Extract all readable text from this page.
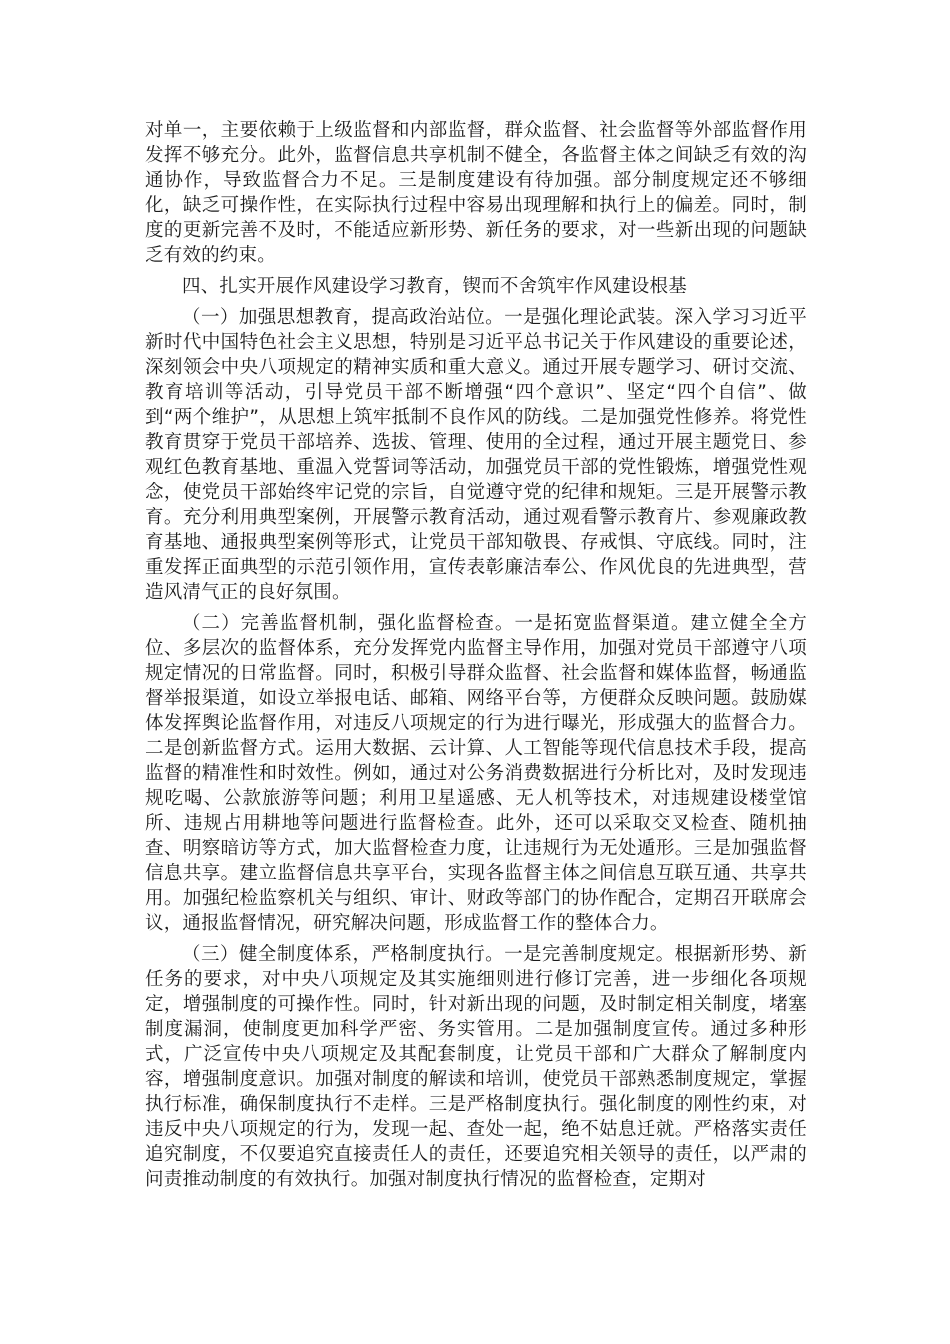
对单一，主要依赖于上级监督和内部监督，群众监督、社会监督等外部监督作用发挥不够充分。此外，监督信息共享机制不健全，各监督主体之间缺乏有效的沟通协作，导致监督合力不足。三是制度建设有待加强。部分制度规定还不够细化，缺乏可操作性，在实际执行过程中容易出现理解和执行上的偏差。同时，制度的更新完善不及时，不能适应新形势、新任务的要求，对一些新出现的问题缺乏有效的约束。

四、扎实开展作风建设学习教育，锲而不舍筑牢作风建设根基

（一）加强思想教育，提高政治站位。一是强化理论武装。深入学习习近平新时代中国特色社会主义思想，特别是习近平总书记关于作风建设的重要论述，深刻领会中央八项规定的精神实质和重大意义。通过开展专题学习、研讨交流、教育培训等活动，引导党员干部不断增强“四个意识”、坚定“四个自信”、做到“两个维护”，从思想上筑牢抵制不良作风的防线。二是加强党性修养。将党性教育贯穿于党员干部培养、选拔、管理、使用的全过程，通过开展主题党日、参观红色教育基地、重温入党誓词等活动，加强党员干部的党性锻炼，增强党性观念，使党员干部始终牢记党的宗旨，自觉遵守党的纪律和规矩。三是开展警示教育。充分利用典型案例，开展警示教育活动，通过观看警示教育片、参观廉政教育基地、通报典型案例等形式，让党员干部知敬畏、存戒惧、守底线。同时，注重发挥正面典型的示范引领作用，宣传表彰廉洁奉公、作风优良的先进典型，营造风清气正的良好氛围。

（二）完善监督机制，强化监督检查。一是拓宽监督渠道。建立健全全方位、多层次的监督体系，充分发挥党内监督主导作用，加强对党员干部遵守八项规定情况的日常监督。同时，积极引导群众监督、社会监督和媒体监督，畅通监督举报渠道，如设立举报电话、邮箱、网络平台等，方便群众反映问题。鼓励媒体发挥舆论监督作用，对违反八项规定的行为进行曝光，形成强大的监督合力。二是创新监督方式。运用大数据、云计算、人工智能等现代信息技术手段，提高监督的精准性和时效性。例如，通过对公务消费数据进行分析比对，及时发现违规吃喝、公款旅游等问题；利用卫星遥感、无人机等技术，对违规建设楼堂馆所、违规占用耕地等问题进行监督检查。此外，还可以采取交叉检查、随机抽查、明察暗访等方式，加大监督检查力度，让违规行为无处遁形。三是加强监督信息共享。建立监督信息共享平台，实现各监督主体之间信息互联互通、共享共用。加强纪检监察机关与组织、审计、财政等部门的协作配合，定期召开联席会议，通报监督情况，研究解决问题，形成监督工作的整体合力。

（三）健全制度体系，严格制度执行。一是完善制度规定。根据新形势、新任务的要求，对中央八项规定及其实施细则进行修订完善，进一步细化各项规定，增强制度的可操作性。同时，针对新出现的问题，及时制定相关制度，堵塞制度漏洞，使制度更加科学严密、务实管用。二是加强制度宣传。通过多种形式，广泛宣传中央八项规定及其配套制度，让党员干部和广大群众了解制度内容，增强制度意识。加强对制度的解读和培训，使党员干部熟悉制度规定，掌握执行标准，确保制度执行不走样。三是严格制度执行。强化制度的刚性约束，对违反中央八项规定的行为，发现一起、查处一起，绝不姑息迁就。严格落实责任追究制度，不仅要追究直接责任人的责任，还要追究相关领导的责任，以严肃的问责推动制度的有效执行。加强对制度执行情况的监督检查，定期对
